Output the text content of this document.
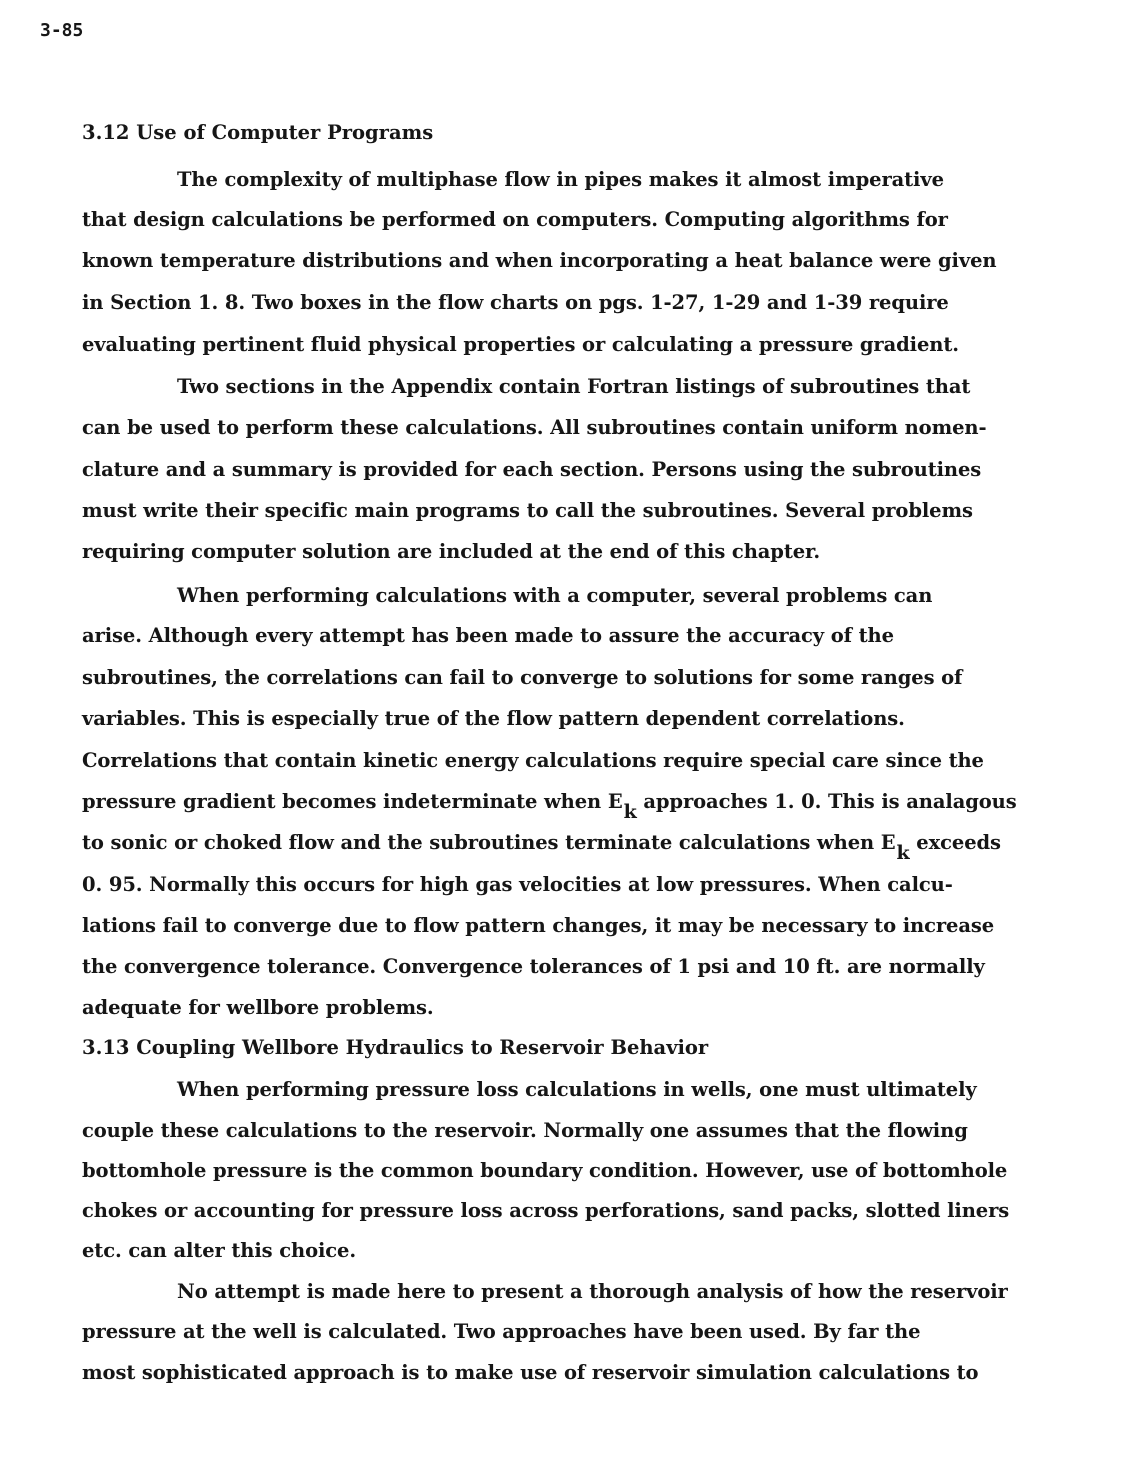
3-85
3.12 Use of Computer Programs
The complexity of multiphase flow in pipes makes it almost imperative
that design calculations be performed on computers. Computing algorithms for
known temperature distributions and when incorporating a heat balance were given
in Section 1. 8. Two boxes in the flow charts on pgs. 1-27, 1-29 and 1-39 require
evaluating pertinent fluid physical properties or calculating a pressure gradient.
Two sections in the Appendix contain Fortran listings of subroutines that
can be used to perform these calculations. All subroutines contain uniform nomen-
clature and a summary is provided for each section. Persons using the subroutines
must write their specific main programs to call the subroutines. Several problems
requiring computer solution are included at the end of this chapter.
When performing calculations with a computer, several problems can
arise. Although every attempt has been made to assure the accuracy of the
subroutines, the correlations can fail to converge to solutions for some ranges of
variables. This is especially true of the flow pattern dependent correlations.
Correlations that contain kinetic energy calculations require special care since the
pressure gradient becomes indeterminate when Ek approaches 1. 0. This is analagous
to sonic or choked flow and the subroutines terminate calculations when Ek exceeds
0. 95. Normally this occurs for high gas velocities at low pressures. When calcu-
lations fail to converge due to flow pattern changes, it may be necessary to increase
the convergence tolerance. Convergence tolerances of 1 psi and 10 ft. are normally
adequate for wellbore problems.
3.13 Coupling Wellbore Hydraulics to Reservoir Behavior
When performing pressure loss calculations in wells, one must ultimately
couple these calculations to the reservoir. Normally one assumes that the flowing
bottomhole pressure is the common boundary condition. However, use of bottomhole
chokes or accounting for pressure loss across perforations, sand packs, slotted liners
etc. can alter this choice.
No attempt is made here to present a thorough analysis of how the reservoir
pressure at the well is calculated. Two approaches have been used. By far the
most sophisticated approach is to make use of reservoir simulation calculations to
